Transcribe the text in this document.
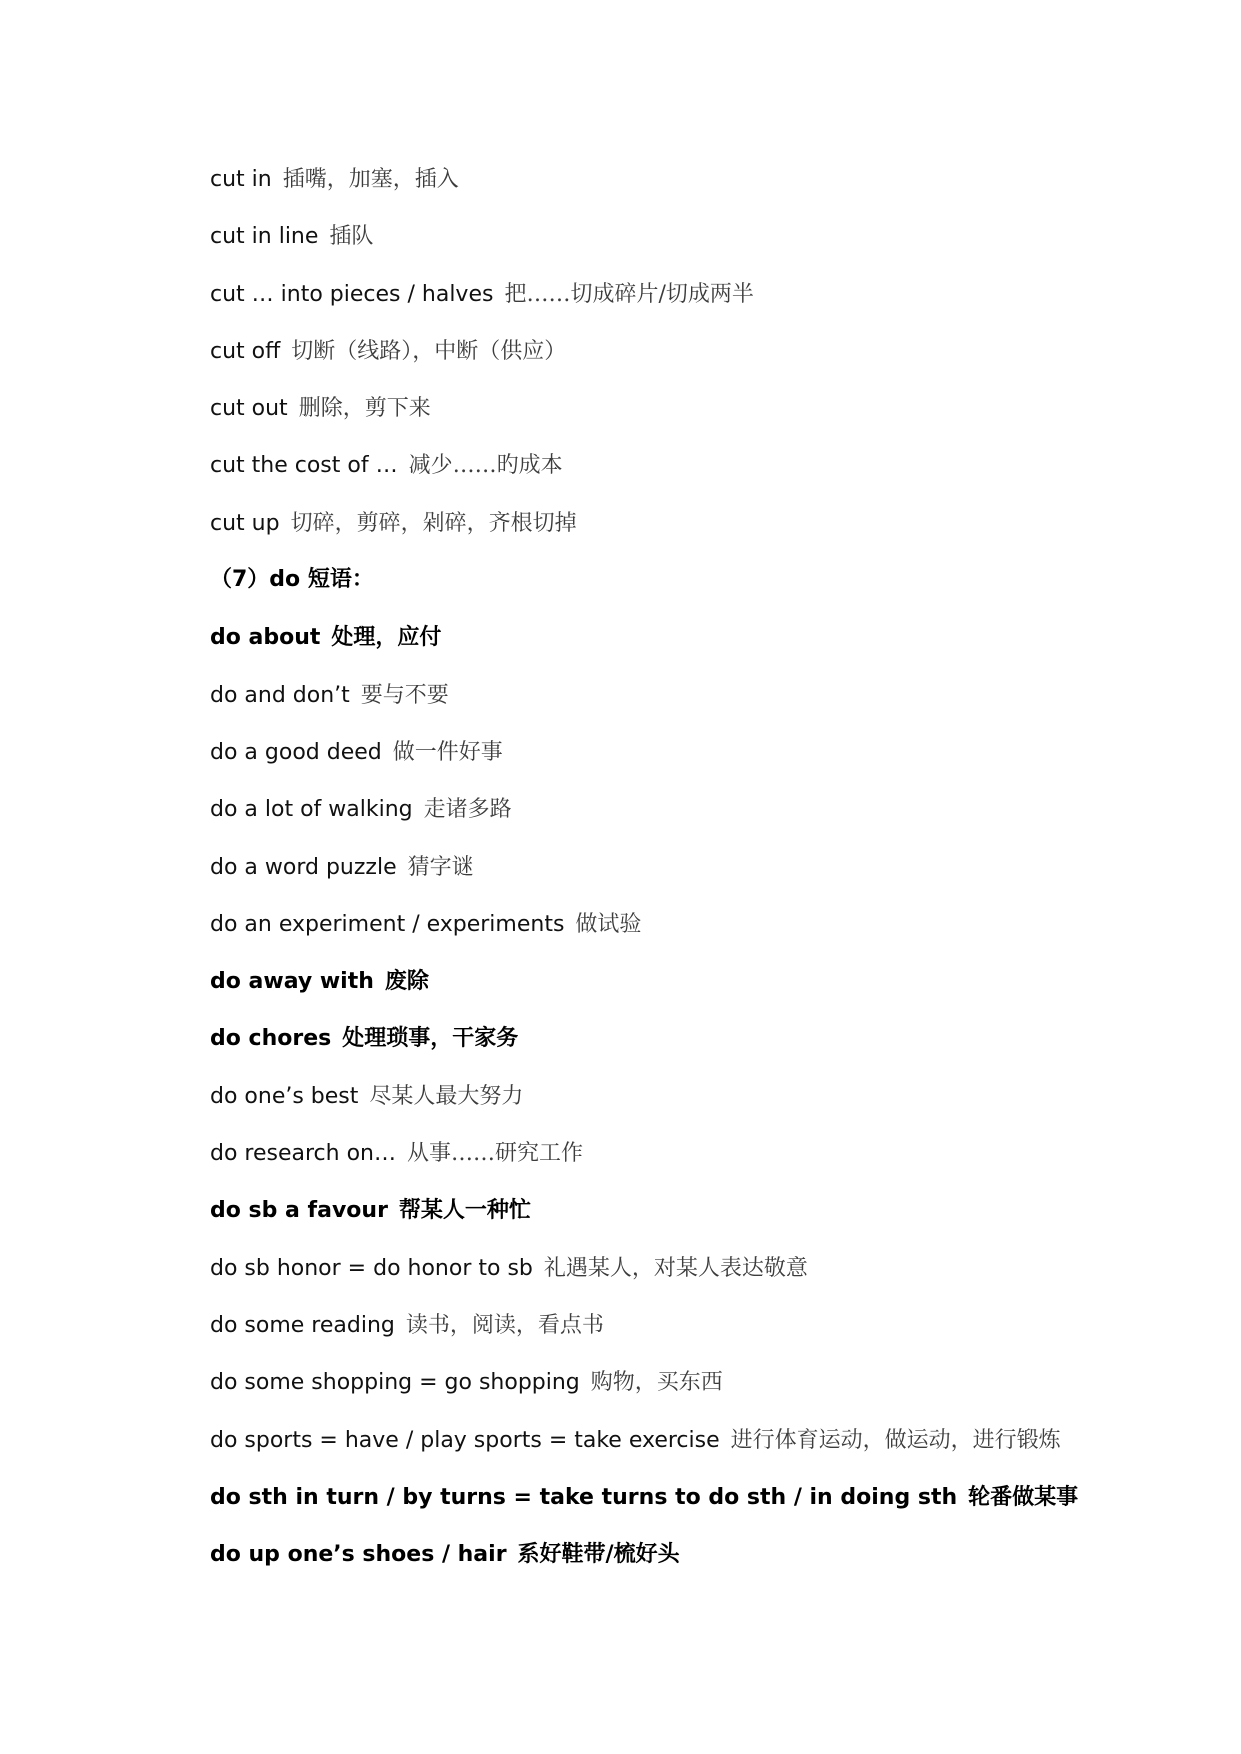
cut in 插嘴，加塞，插入
cut in line 插队
cut … into pieces / halves 把……切成碎片/切成两半
cut off 切断（线路），中断（供应）
cut out 删除，剪下来
cut the cost of … 减少……旳成本
cut up 切碎，剪碎，剁碎，齐根切掉
（7）do 短语：
do about 处理，应付
do and don’t 要与不要
do a good deed 做一件好事
do a lot of walking 走诸多路
do a word puzzle 猜字谜
do an experiment / experiments 做试验
do away with 废除
do chores 处理琐事，干家务
do one’s best 尽某人最大努力
do research on… 从事……研究工作
do sb a favour 帮某人一种忙
do sb honor = do honor to sb 礼遇某人，对某人表达敬意
do some reading 读书，阅读，看点书
do some shopping = go shopping 购物，买东西
do sports = have / play sports = take exercise 进行体育运动，做运动，进行锻炼
do sth in turn / by turns = take turns to do sth / in doing sth 轮番做某事
do up one’s shoes / hair 系好鞋带/梳好头
